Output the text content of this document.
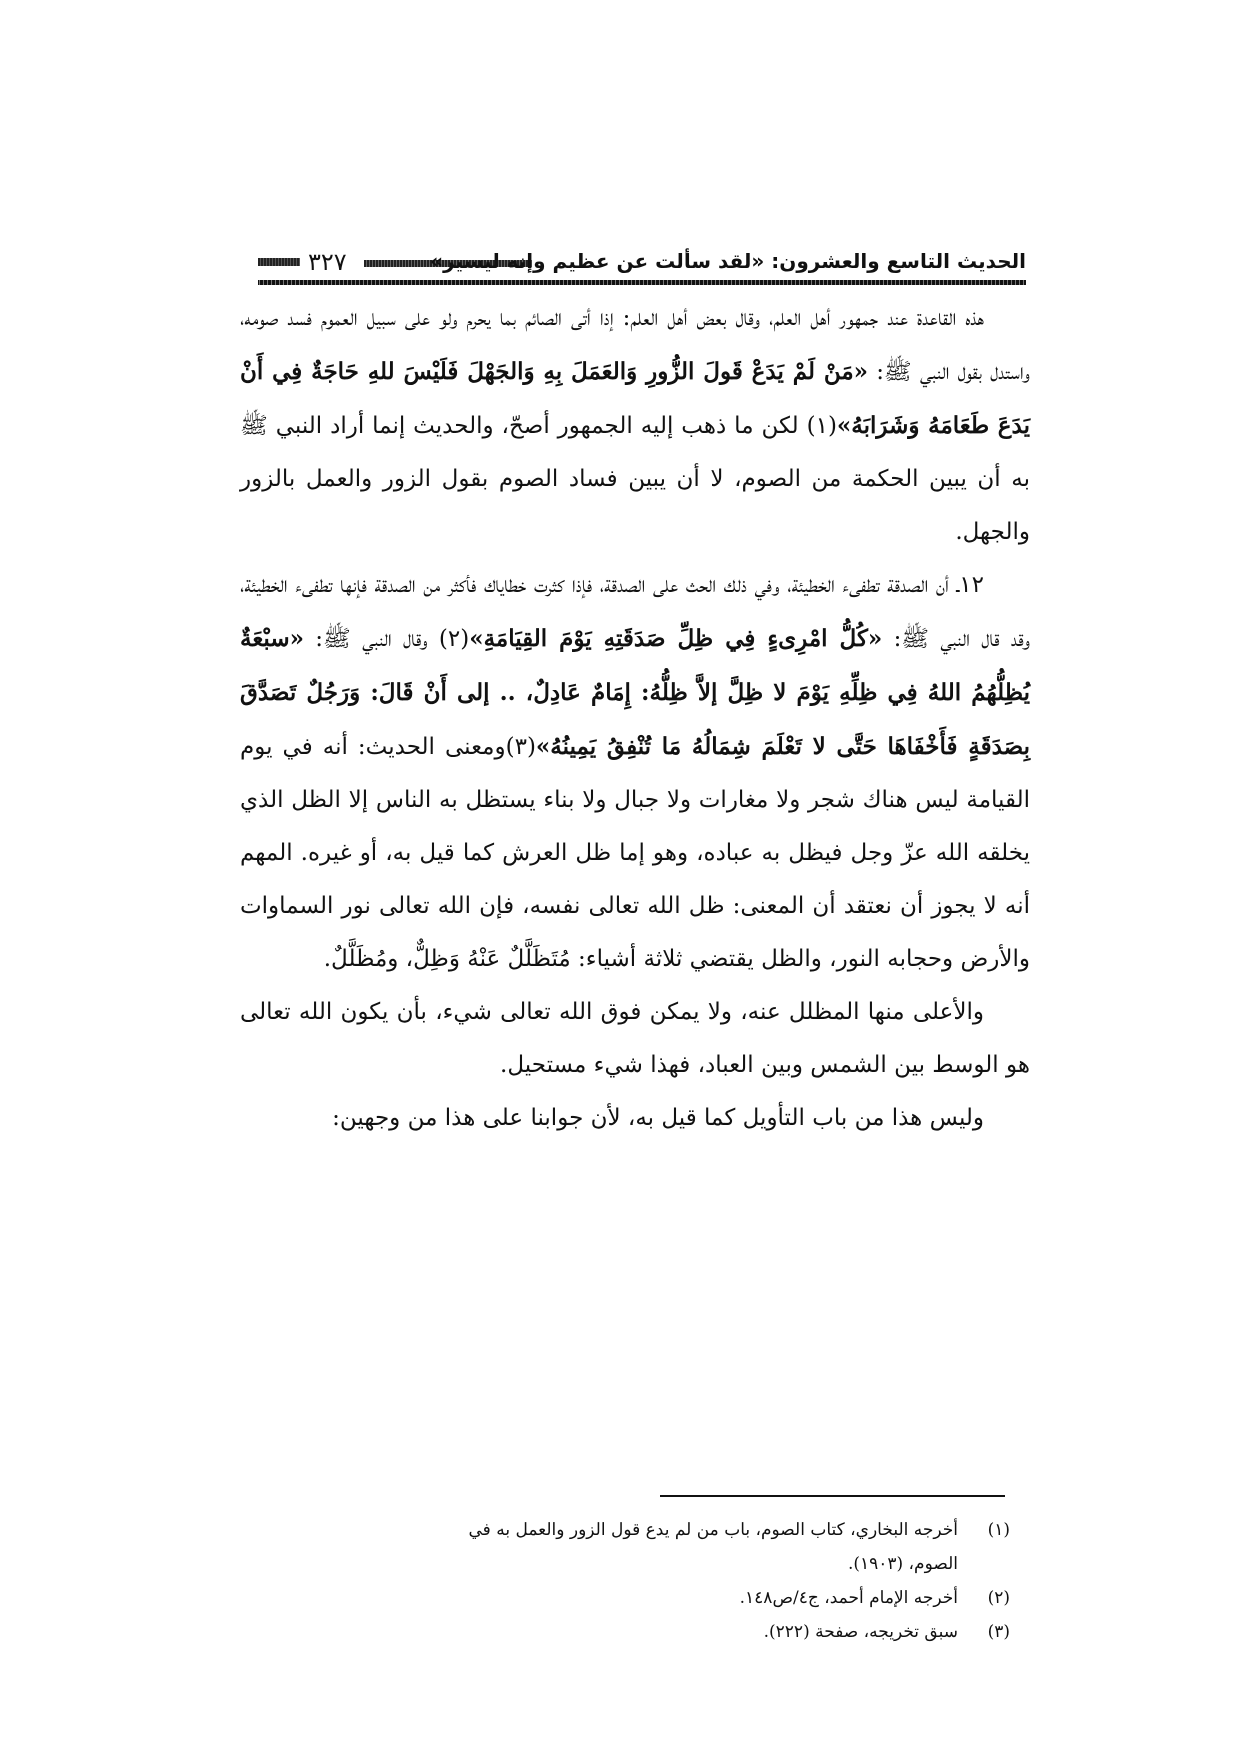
٣٢٧	الحديث التاسع والعشرون: «لقد سألت عن عظيم وإنه ليسير»

هذه القاعدة عند جمهور أهل العلم، وقال بعض أهل العلم: إذا أتى الصائم بما يحرم ولو على سبيل العموم فسد صومه، واستدل بقول النبي ﷺ: «مَنْ لَمْ يَدَعْ قَولَ الزُّورِ وَالعَمَلَ بِهِ وَالجَهْلَ فَلَيْسَ للهِ حَاجَةٌ فِي أَنْ يَدَعَ طَعَامَهُ وَشَرَابَهُ»(١) لكن ما ذهب إليه الجمهور أصحّ، والحديث إنما أراد النبي ﷺ به أن يبين الحكمة من الصوم، لا أن يبين فساد الصوم بقول الزور والعمل بالزور والجهل.

١٢ـ أن الصدقة تطفىء الخطيئة، وفي ذلك الحث على الصدقة، فإذا كثرت خطاياك فأكثر من الصدقة فإنها تطفىء الخطيئة، وقد قال النبي ﷺ: «كُلُّ امْرِىءٍ فِي ظِلِّ صَدَقَتِهِ يَوْمَ القِيَامَةِ»(٢) وقال النبي ﷺ: «سبْعَةٌ يُظِلُّهُمُ اللهُ فِي ظِلِّهِ يَوْمَ لا ظِلَّ إلاَّ ظِلُّهُ: إِمَامٌ عَادِلٌ، .. إلى أَنْ قَالَ: وَرَجُلٌ تَصَدَّقَ بِصَدَقَةٍ فَأَخْفَاهَا حَتَّى لا تَعْلَمَ شِمَالُهُ مَا تُنْفِقُ يَمِينُهُ»(٣)ومعنى الحديث: أنه في يوم القيامة ليس هناك شجر ولا مغارات ولا جبال ولا بناء يستظل به الناس إلا الظل الذي يخلقه الله عزّ وجل فيظل به عباده، وهو إما ظل العرش كما قيل به، أو غيره. المهم أنه لا يجوز أن نعتقد أن المعنى: ظل الله تعالى نفسه، فإن الله تعالى نور السماوات والأرض وحجابه النور، والظل يقتضي ثلاثة أشياء: مُتَظَلَّلٌ عَنْهُ وَظِلٌّ، ومُظَلَّلٌ.

والأعلى منها المظلل عنه، ولا يمكن فوق الله تعالى شيء، بأن يكون الله تعالى هو الوسط بين الشمس وبين العباد، فهذا شيء مستحيل.

وليس هذا من باب التأويل كما قيل به، لأن جوابنا على هذا من وجهين:

(١)
أخرجه البخاري، كتاب الصوم، باب من لم يدع قول الزور والعمل به في الصوم، (١٩٠٣).
(٢)
أخرجه الإمام أحمد، ج٤/ص١٤٨.
(٣)
سبق تخريجه، صفحة (٢٢٢).
